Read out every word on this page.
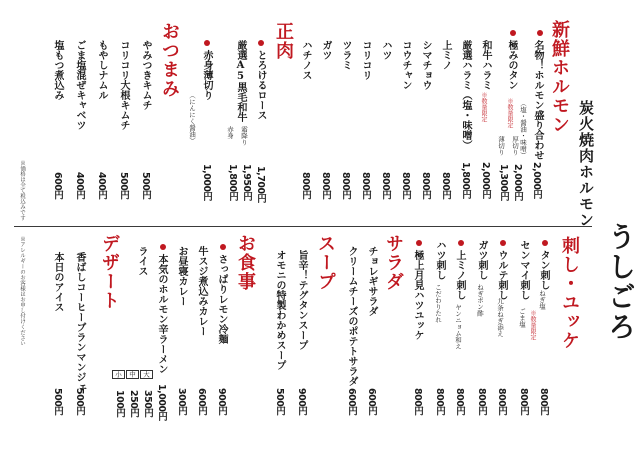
うしごろ
炭火焼肉ホルモン
新鮮ホルモン
名物！ホルモン盛り合わせ
（塩・醤油・味噌）
2,000円
極みのタン
※数量限定
厚切り
2,000円
薄切り
1,300円
和牛ハラミ
※数量限定
2,000円
厳選ハラミ（塩・味噌）
1,800円
上ミノ
800円
シマチョウ
800円
コウチャン
800円
ハツ
800円
コリコリ
800円
ツラミ
800円
ガツ
800円
ハチノス
800円
正肉
とろけるロース
1,700円
厳選A5黒毛和牛
霜降り
1,950円
赤身
1,800円
赤身薄切り
（にんにく醤油）
1,000円
おつまみ
やみつきキムチ
500円
コリコリ大根キムチ
500円
もやしナムル
400円
ごま塩混ぜキャベツ
400円
塩もつ煮込み
600円
刺し・ユッケ
タン刺し
ねぎ塩
※数量限定
800円
センマイ刺し
ごま塩
800円
ウルテ刺し
九条ねぎ添え
800円
ガツ刺し
ねぎポン酢
800円
上ミノ刺し
ヤンニョム和え
800円
ハツ刺し
こだわりたれ
800円
極上月見ハツユッケ
800円
サラダ
チョレギサラダ
600円
クリームチーズのポテトサラダ
600円
スープ
旨辛！テグタンスープ
900円
オモニの特製わかめスープ
500円
お食事
さっぱりレモン冷麺
900円
牛スジ煮込みカレー
600円
お昼寝カレー
300円
本気のホルモン辛ラーメン
1,000円
ライス
大
350円
中
250円
小
100円
デザート
香ばしコーヒーブランマンジェ
500円
本日のアイス
500円
※価格は全て税込みです
※アレルギーのお客様はお申し付けください
